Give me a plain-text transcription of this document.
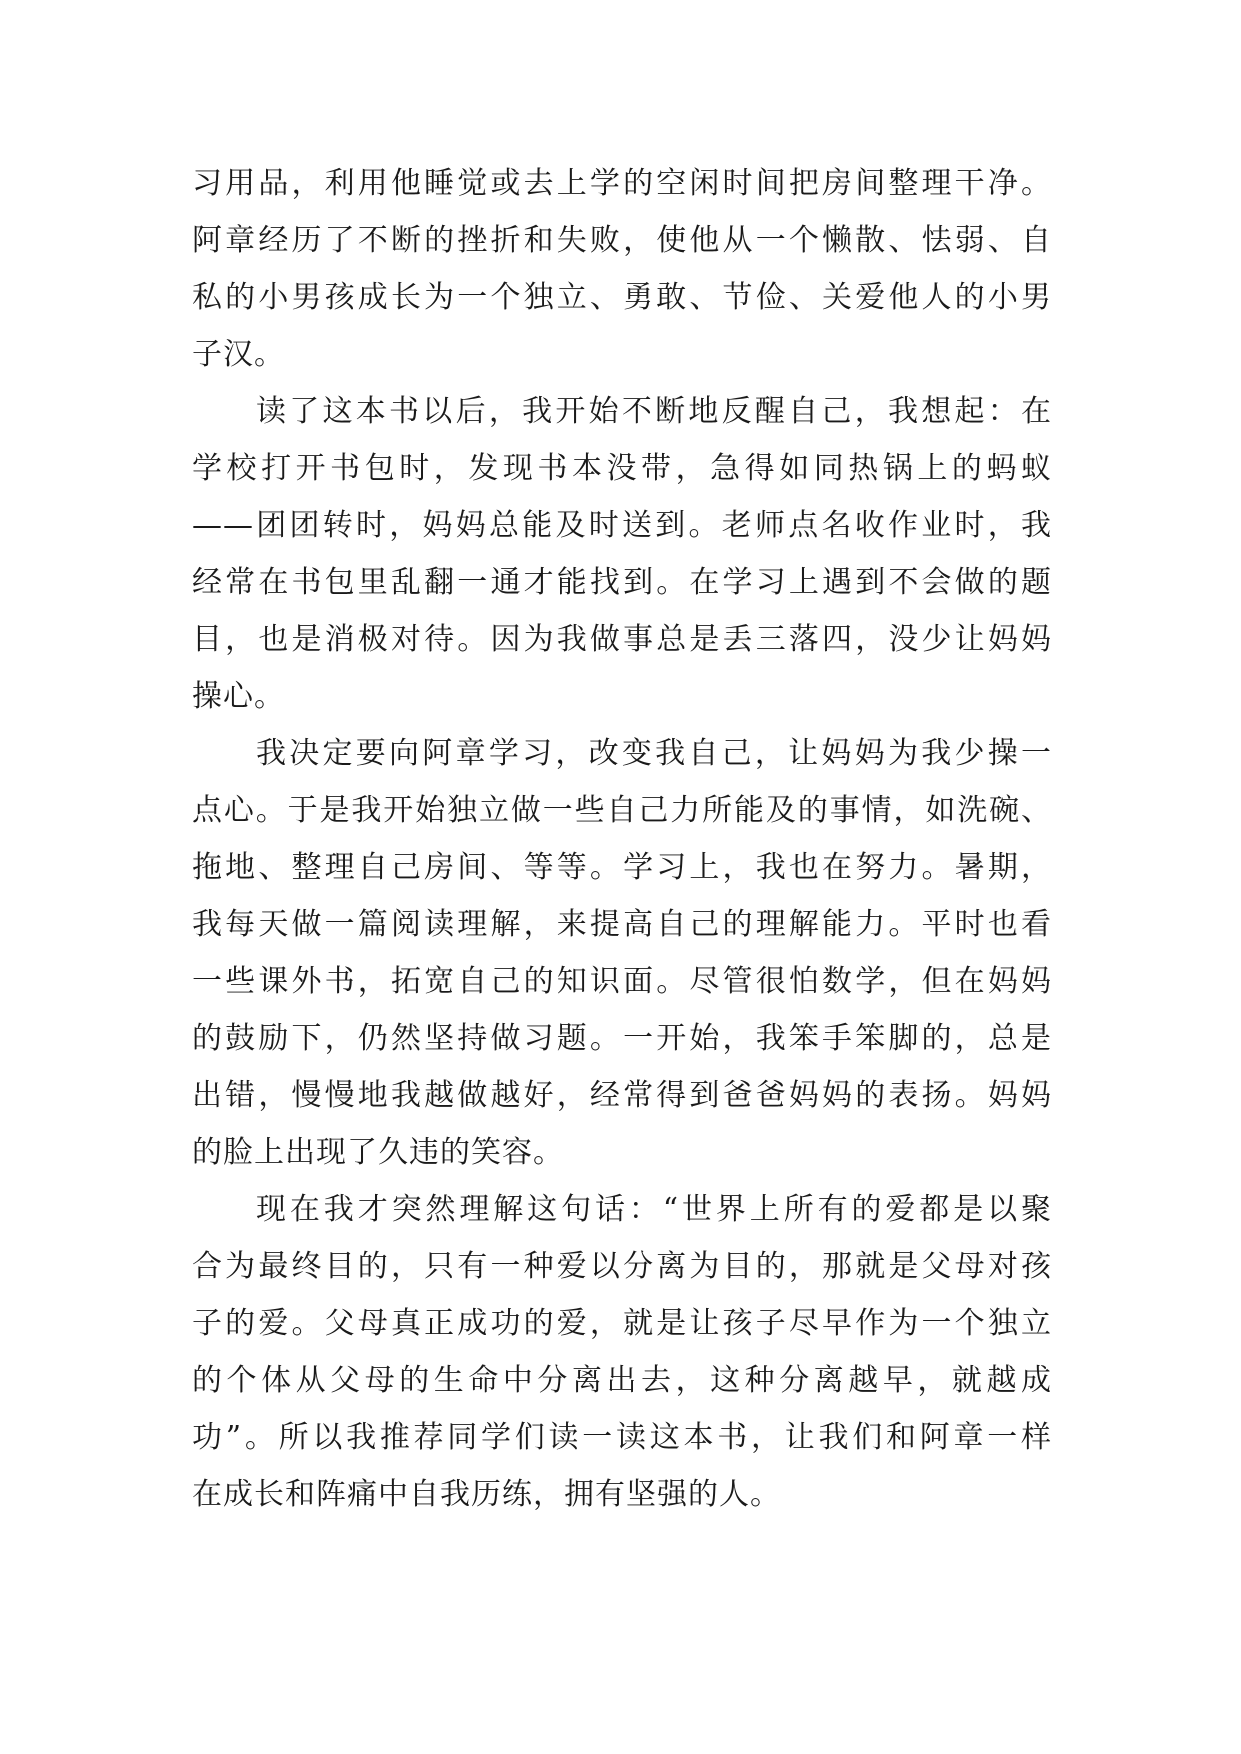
习用品，利用他睡觉或去上学的空闲时间把房间整理干净。
阿章经历了不断的挫折和失败，使他从一个懒散、怯弱、自
私的小男孩成长为一个独立、勇敢、节俭、关爱他人的小男
子汉。
读了这本书以后，我开始不断地反醒自己，我想起：在
学校打开书包时，发现书本没带，急得如同热锅上的蚂蚁
——团团转时，妈妈总能及时送到。老师点名收作业时，我
经常在书包里乱翻一通才能找到。在学习上遇到不会做的题
目，也是消极对待。因为我做事总是丢三落四，没少让妈妈
操心。
我决定要向阿章学习，改变我自己，让妈妈为我少操一
点心。于是我开始独立做一些自己力所能及的事情，如洗碗、
拖地、整理自己房间、等等。学习上，我也在努力。暑期，
我每天做一篇阅读理解，来提高自己的理解能力。平时也看
一些课外书，拓宽自己的知识面。尽管很怕数学，但在妈妈
的鼓励下，仍然坚持做习题。一开始，我笨手笨脚的，总是
出错，慢慢地我越做越好，经常得到爸爸妈妈的表扬。妈妈
的脸上出现了久违的笑容。
现在我才突然理解这句话：“世界上所有的爱都是以聚
合为最终目的，只有一种爱以分离为目的，那就是父母对孩
子的爱。父母真正成功的爱，就是让孩子尽早作为一个独立
的个体从父母的生命中分离出去，这种分离越早，就越成
功”。所以我推荐同学们读一读这本书，让我们和阿章一样
在成长和阵痛中自我历练，拥有坚强的人。
